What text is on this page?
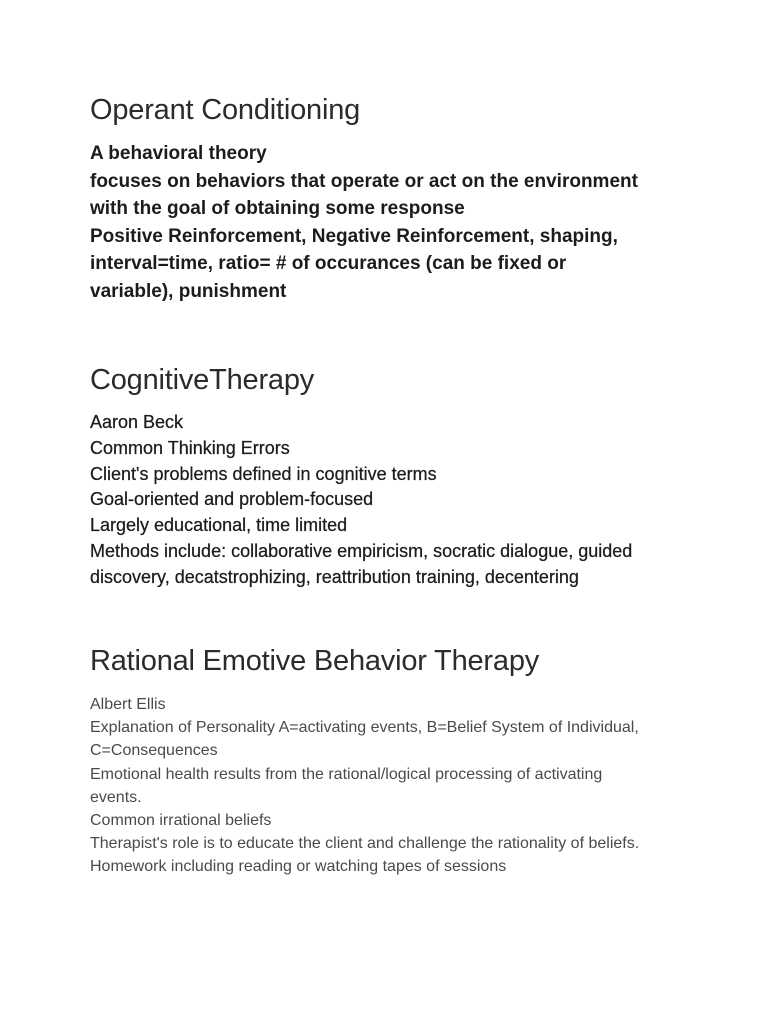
Operant Conditioning

A behavioral theory

focuses on behaviors that operate or act on the environment

with the goal of obtaining some response

Positive Reinforcement, Negative Reinforcement, shaping,

interval=time, ratio= # of occurances (can be fixed or

variable), punishment

CognitiveTherapy

Aaron Beck

Common Thinking Errors

Client's problems defined in cognitive terms

Goal-oriented and problem-focused

Largely educational, time limited

Methods include: collaborative empiricism, socratic dialogue, guided

discovery, decatstrophizing, reattribution training, decentering

Rational Emotive Behavior Therapy

Albert Ellis

Explanation of Personality A=activating events, B=Belief System of Individual,

C=Consequences

Emotional health results from the rational/logical processing of activating

events.

Common irrational beliefs

Therapist's role is to educate the client and challenge the rationality of beliefs.

Homework including reading or watching tapes of sessions
